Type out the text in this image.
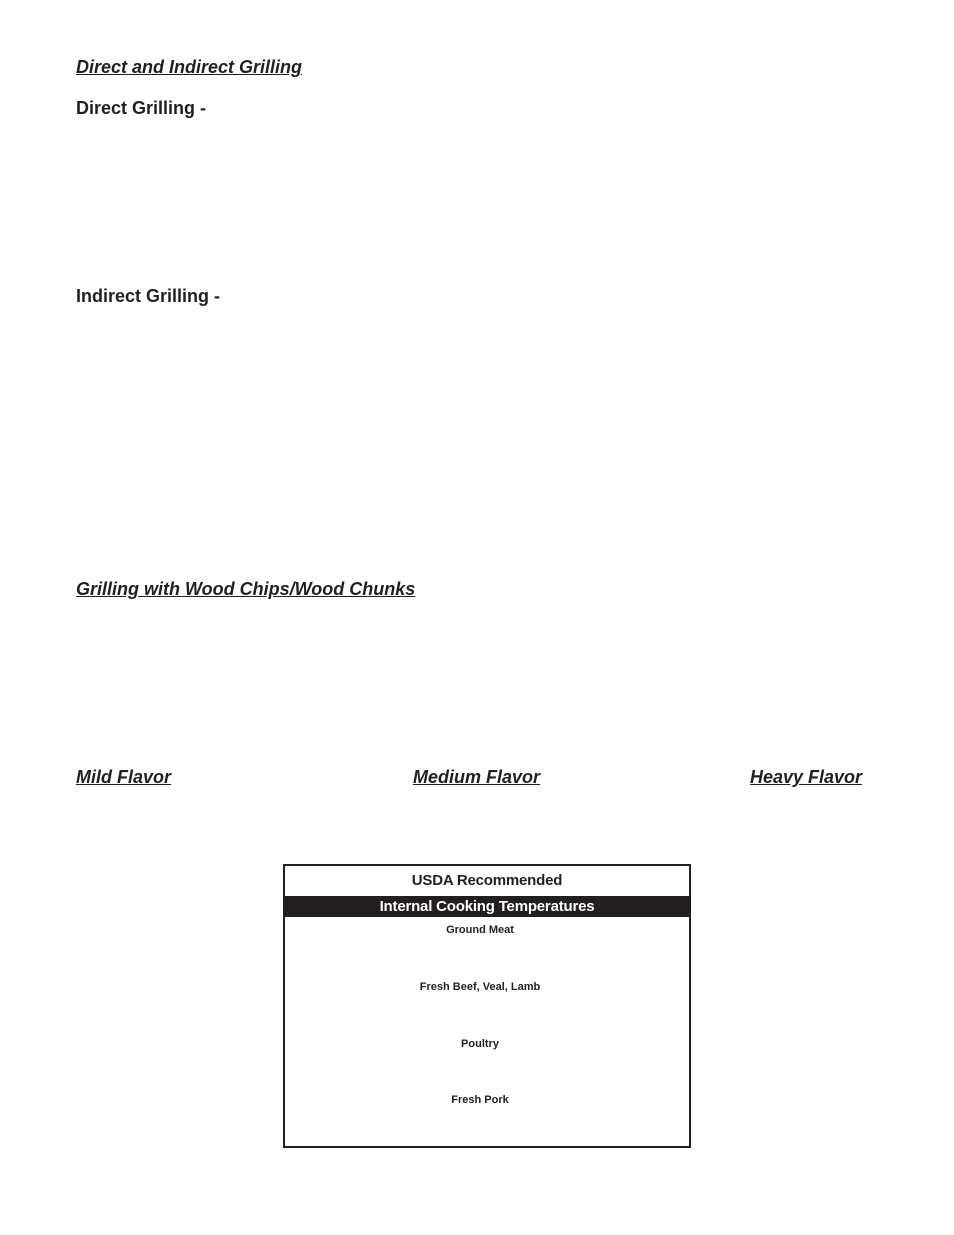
Direct and Indirect Grilling
Direct Grilling -
Indirect Grilling -
Grilling with Wood Chips/Wood Chunks
Mild Flavor	Medium Flavor	Heavy Flavor
USDA Recommended
Internal Cooking Temperatures
Ground Meat
Fresh Beef, Veal, Lamb
Poultry
Fresh Pork
